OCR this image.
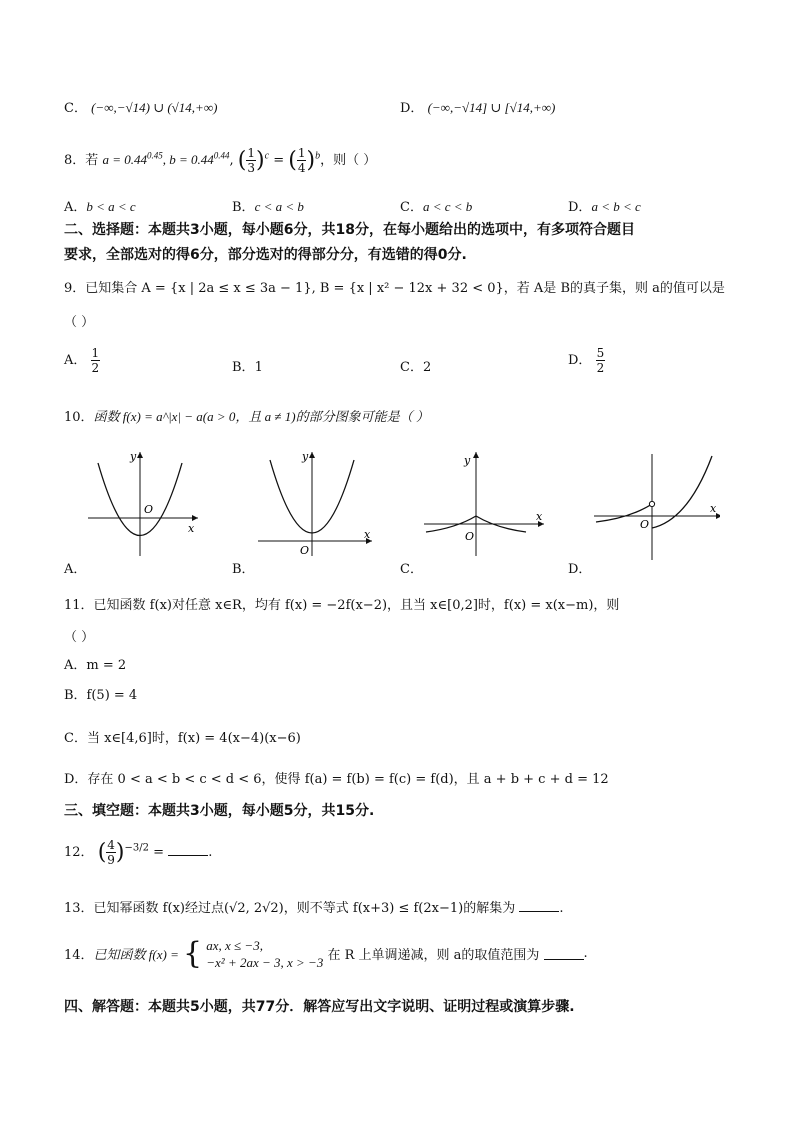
C． (−∞,−√14) ∪ (√14,+∞)	D． (−∞,−√14] ∪ [√14,+∞)
8．若 $a = 0.44^{0.45}$, $b = 0.44^{0.44}$, ( $\frac{1}{3} )^c$ = ( $\frac{1}{4} )^b$，则（ ）
A．b < a < c	B．c < a < b	C．a < c < b	D．a < b < c
二、选择题：本题共3小题，每小题6分，共18分，在每小题给出的选项中，有多项符合题目
要求，全部选对的得6分，部分选对的得部分分，有选错的得0分.
9．已知集合 A = {x | 2a ≤ x ≤ 3a − 1}, B = {x | x² − 12x + 32 < 0}，若 A是 B的真子集，则 a的值可以是
（ ）
A． $\frac{1}{2}$	B．1	C．2	D． $\frac{5}{2}$
10．函数 f(x) = a^|x| − a(a > 0，且 a ≠ 1)的部分图象可能是（ ）
y
x
O
y
x
O
y
x
O
x
O
A．	B．	C．	D．
11．已知函数 f(x)对任意 x∈R，均有 f(x) = −2f(x−2)，且当 x∈[0,2]时，f(x) = x(x−m)，则
（ ）
A．m = 2
B．f(5) = 4
C．当 x∈[4,6]时，f(x) = 4(x−4)(x−6)
D．存在 0 < a < b < c < d < 6，使得 f(a) = f(b) = f(c) = f(d)，且 a + b + c + d = 12
三、填空题：本题共3小题，每小题5分，共15分.
12． ( $\frac{4}{9} )^{-3/2}$ =	.
13．已知幂函数 f(x)经过点(√2, 2√2)，则不等式 f(x+3) ≤ f(2x−1)的解集为	.
14．已知函数 f(x) = { ax, x ≤ −3,
−x² + 2ax − 3, x > −3 在 R 上单调递减，则 a的取值范围为	.
四、解答题：本题共5小题，共77分．解答应写出文字说明、证明过程或演算步骤.
